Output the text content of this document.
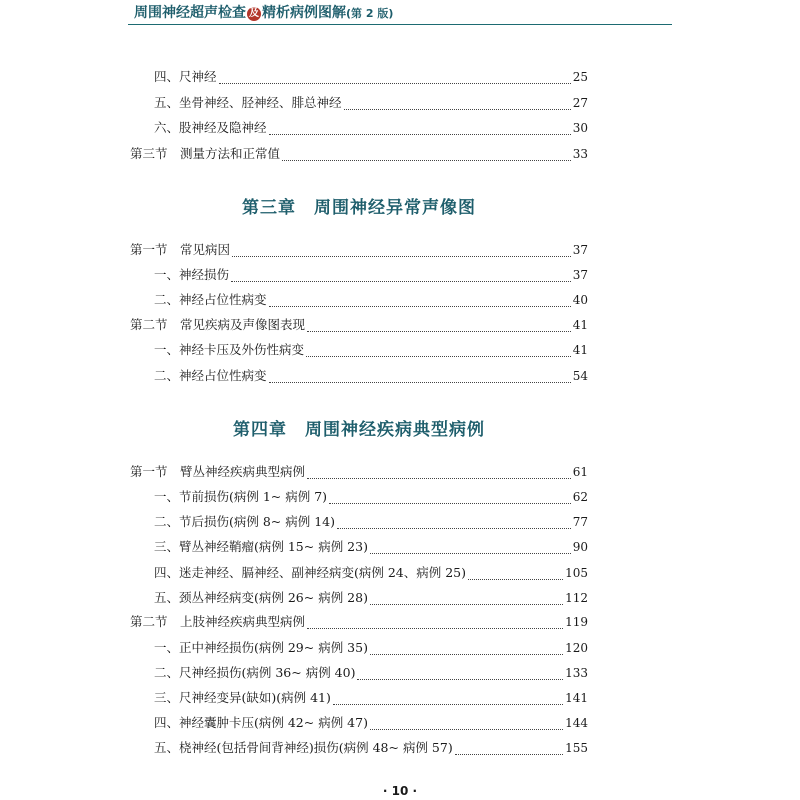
周围神经超声检查 及 精析病例图解(第 2 版)
四、尺神经	25
五、坐骨神经、胫神经、腓总神经	27
六、股神经及隐神经	30
第三节　测量方法和正常值	33
第三章　周围神经异常声像图
第一节　常见病因	37
一、神经损伤	37
二、神经占位性病变	40
第二节　常见疾病及声像图表现	41
一、神经卡压及外伤性病变	41
二、神经占位性病变	54
第四章　周围神经疾病典型病例
第一节　臂丛神经疾病典型病例	61
一、节前损伤(病例 1~ 病例 7)	62
二、节后损伤(病例 8~ 病例 14)	77
三、臂丛神经鞘瘤(病例 15~ 病例 23)	90
四、迷走神经、膈神经、副神经病变(病例 24、病例 25)	105
五、颈丛神经病变(病例 26~ 病例 28)	112
第二节　上肢神经疾病典型病例	119
一、正中神经损伤(病例 29~ 病例 35)	120
二、尺神经损伤(病例 36~ 病例 40)	133
三、尺神经变异(缺如)(病例 41)	141
四、神经囊肿卡压(病例 42~ 病例 47)	144
五、桡神经(包括骨间背神经)损伤(病例 48~ 病例 57)	155
· 10 ·
